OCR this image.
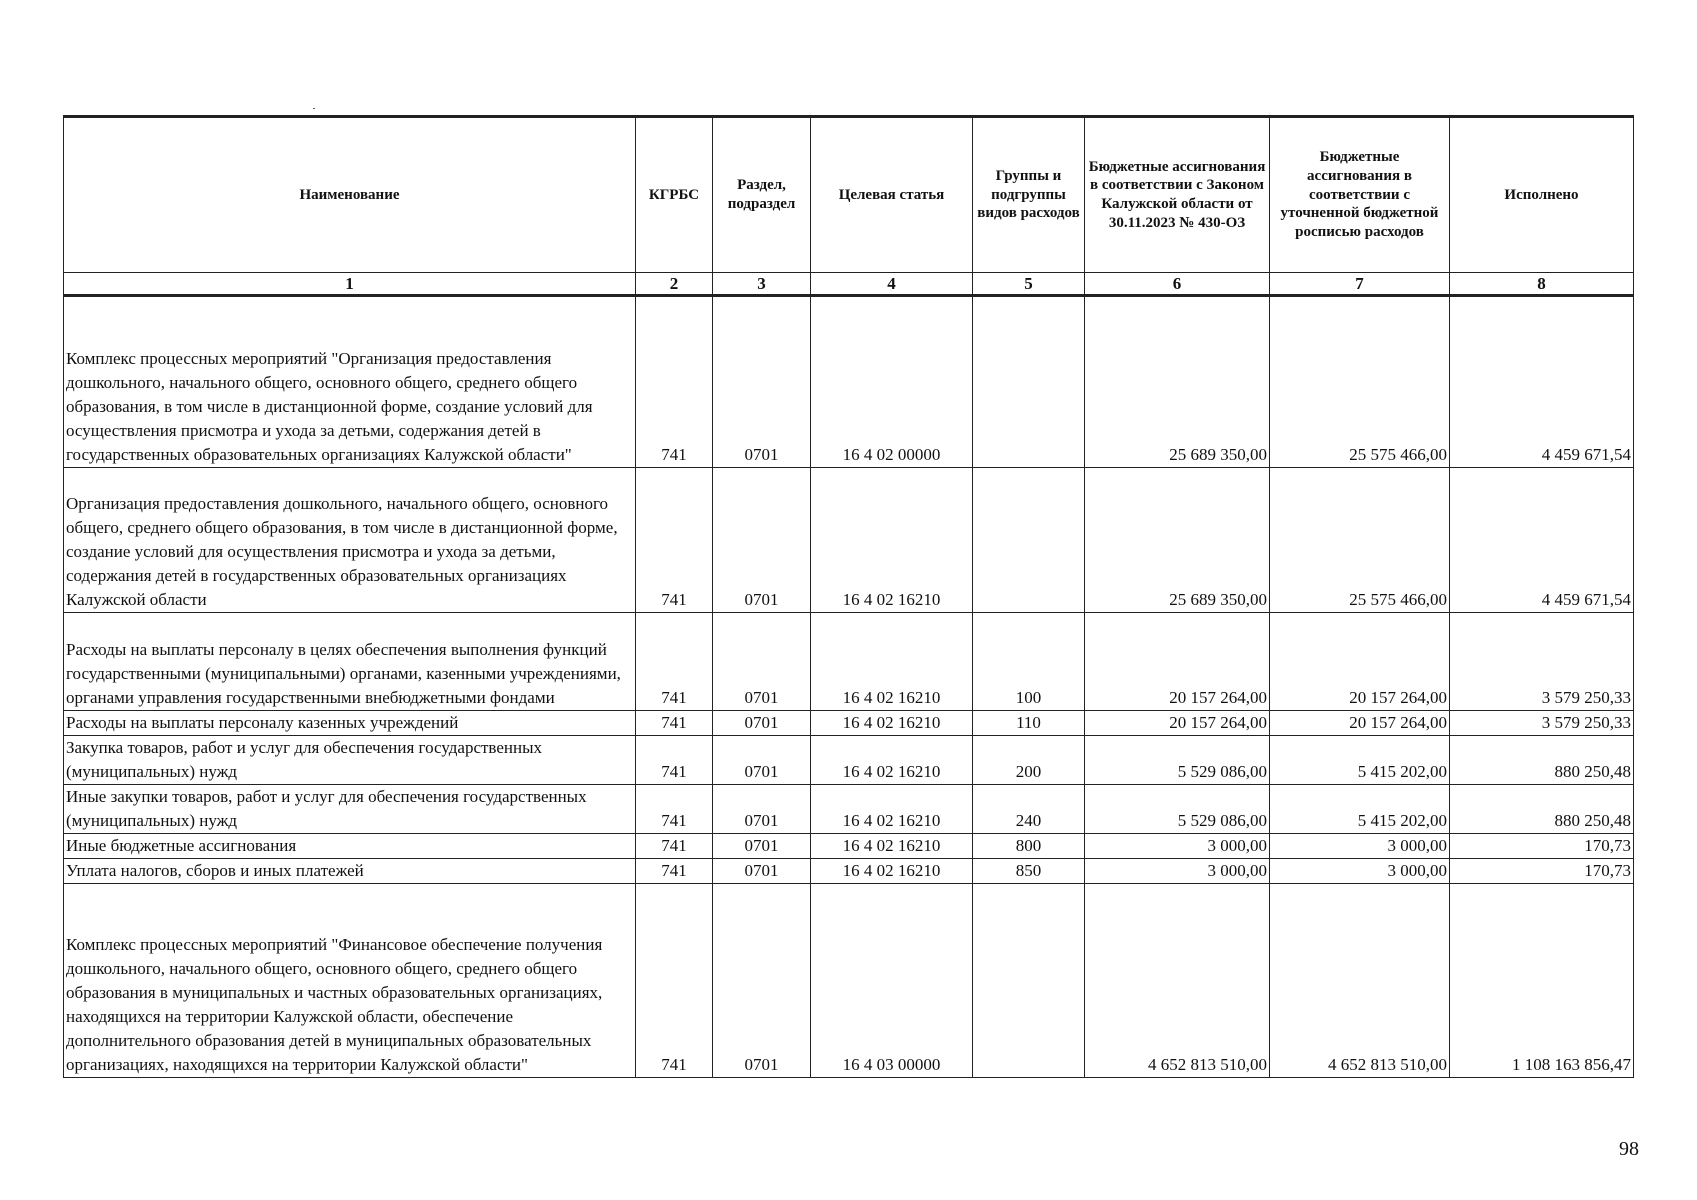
Наименование	КГРБС	Раздел, подраздел	Целевая статья	Группы и подгруппы видов расходов	Бюджетные ассигнования в соответствии с Законом Калужской области от 30.11.2023 № 430-ОЗ	Бюджетные ассигнования в соответствии с уточненной бюджетной росписью расходов	Исполнено
1	2	3	4	5	6	7	8
Комплекс процессных мероприятий "Организация предоставления дошкольного, начального общего, основного общего, среднего общего образования, в том числе в дистанционной форме, создание условий для осуществления присмотра и ухода за детьми, содержания детей в государственных образовательных организациях Калужской области"	741	0701	16 4 02 00000		25 689 350,00	25 575 466,00	4 459 671,54
Организация предоставления дошкольного, начального общего, основного общего, среднего общего образования, в том числе в дистанционной форме, создание условий для осуществления присмотра и ухода за детьми, содержания детей в государственных образовательных организациях Калужской области	741	0701	16 4 02 16210		25 689 350,00	25 575 466,00	4 459 671,54
Расходы на выплаты персоналу в целях обеспечения выполнения функций государственными (муниципальными) органами, казенными учреждениями, органами управления государственными внебюджетными фондами	741	0701	16 4 02 16210	100	20 157 264,00	20 157 264,00	3 579 250,33
Расходы на выплаты персоналу казенных учреждений	741	0701	16 4 02 16210	110	20 157 264,00	20 157 264,00	3 579 250,33
Закупка товаров, работ и услуг для обеспечения государственных (муниципальных) нужд	741	0701	16 4 02 16210	200	5 529 086,00	5 415 202,00	880 250,48
Иные закупки товаров, работ и услуг для обеспечения государственных (муниципальных) нужд	741	0701	16 4 02 16210	240	5 529 086,00	5 415 202,00	880 250,48
Иные бюджетные ассигнования	741	0701	16 4 02 16210	800	3 000,00	3 000,00	170,73
Уплата налогов, сборов и иных платежей	741	0701	16 4 02 16210	850	3 000,00	3 000,00	170,73
Комплекс процессных мероприятий "Финансовое обеспечение получения дошкольного, начального общего, основного общего, среднего общего образования в муниципальных и частных образовательных организациях, находящихся на территории Калужской области, обеспечение дополнительного образования детей в муниципальных образовательных организациях, находящихся на территории Калужской области"	741	0701	16 4 03 00000		4 652 813 510,00	4 652 813 510,00	1 108 163 856,47
98
